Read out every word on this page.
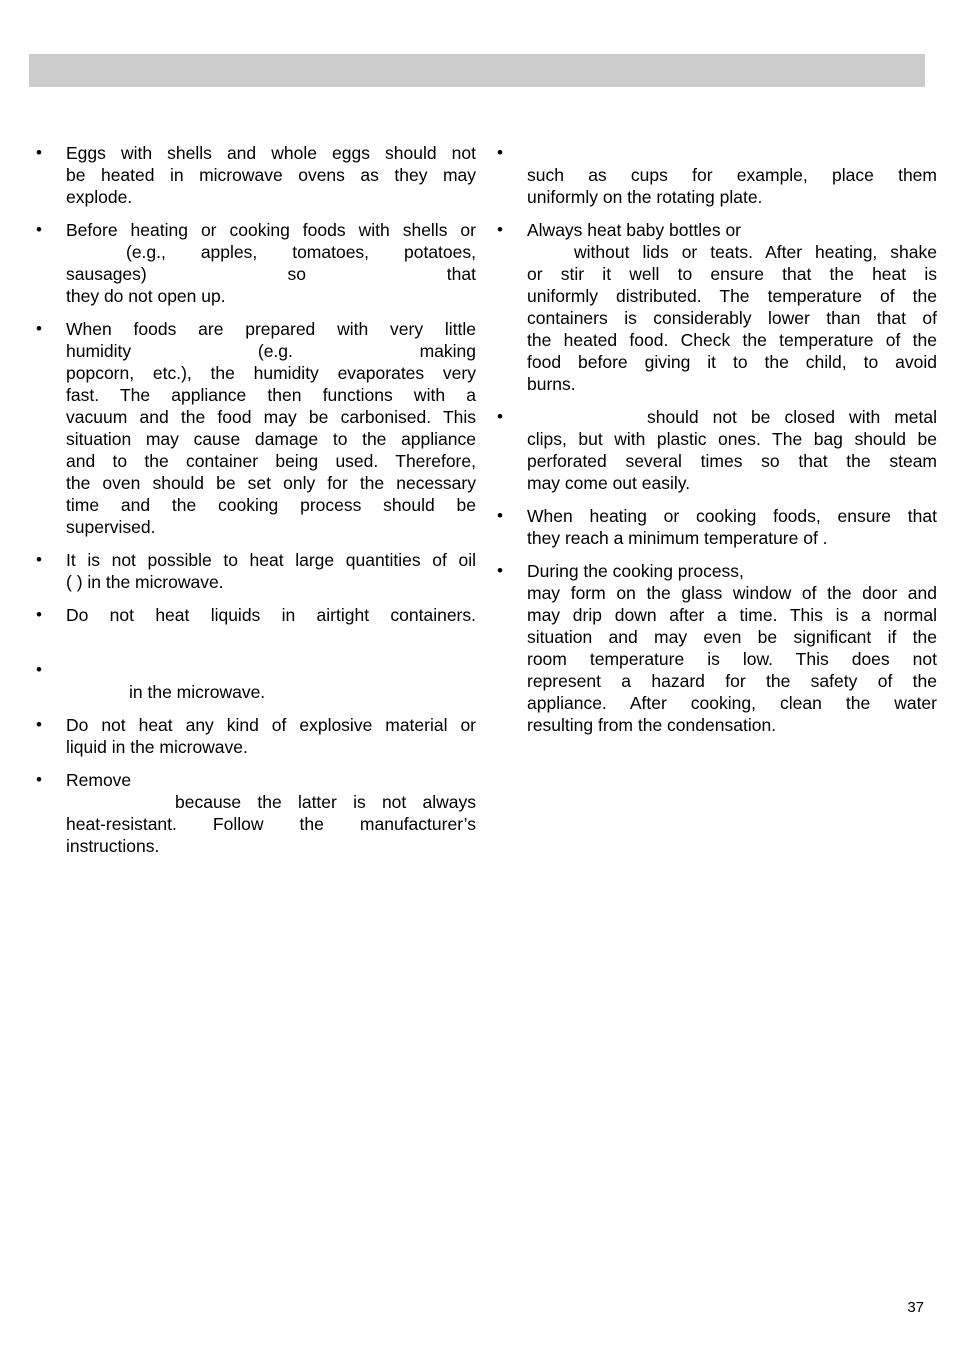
• Eggs with shells and whole eggs should not
be heated in microwave ovens as they may
explode.
• Before heating or cooking foods with shells or
(e.g., apples, tomatoes, potatoes,
sausages) so that
they do not open up.
• When foods are prepared with very little
humidity (e.g. making
popcorn, etc.), the humidity evaporates very
fast. The appliance then functions with a
vacuum and the food may be carbonised. This
situation may cause damage to the appliance
and to the container being used. Therefore,
the oven should be set only for the necessary
time and the cooking process should be
supervised.
• It is not possible to heat large quantities of oil
( ) in the microwave.
• Do not heat liquids in airtight containers.
•
in the microwave.
• Do not heat any kind of explosive material or
liquid in the microwave.
• Remove
because the latter is not always
heat-resistant. Follow the manufacturer’s
instructions.
•
such as cups for example, place them
uniformly on the rotating plate.
• Always heat baby bottles or
without lids or teats. After heating, shake
or stir it well to ensure that the heat is
uniformly distributed. The temperature of the
containers is considerably lower than that of
the heated food. Check the temperature of the
food before giving it to the child, to avoid
burns.
•	should not be closed with metal
clips, but with plastic ones. The bag should be
perforated several times so that the steam
may come out easily.
• When heating or cooking foods, ensure that
they reach a minimum temperature of .
• During the cooking process,
may form on the glass window of the door and
may drip down after a time. This is a normal
situation and may even be significant if the
room temperature is low. This does not
represent a hazard for the safety of the
appliance. After cooking, clean the water
resulting from the condensation.
37
